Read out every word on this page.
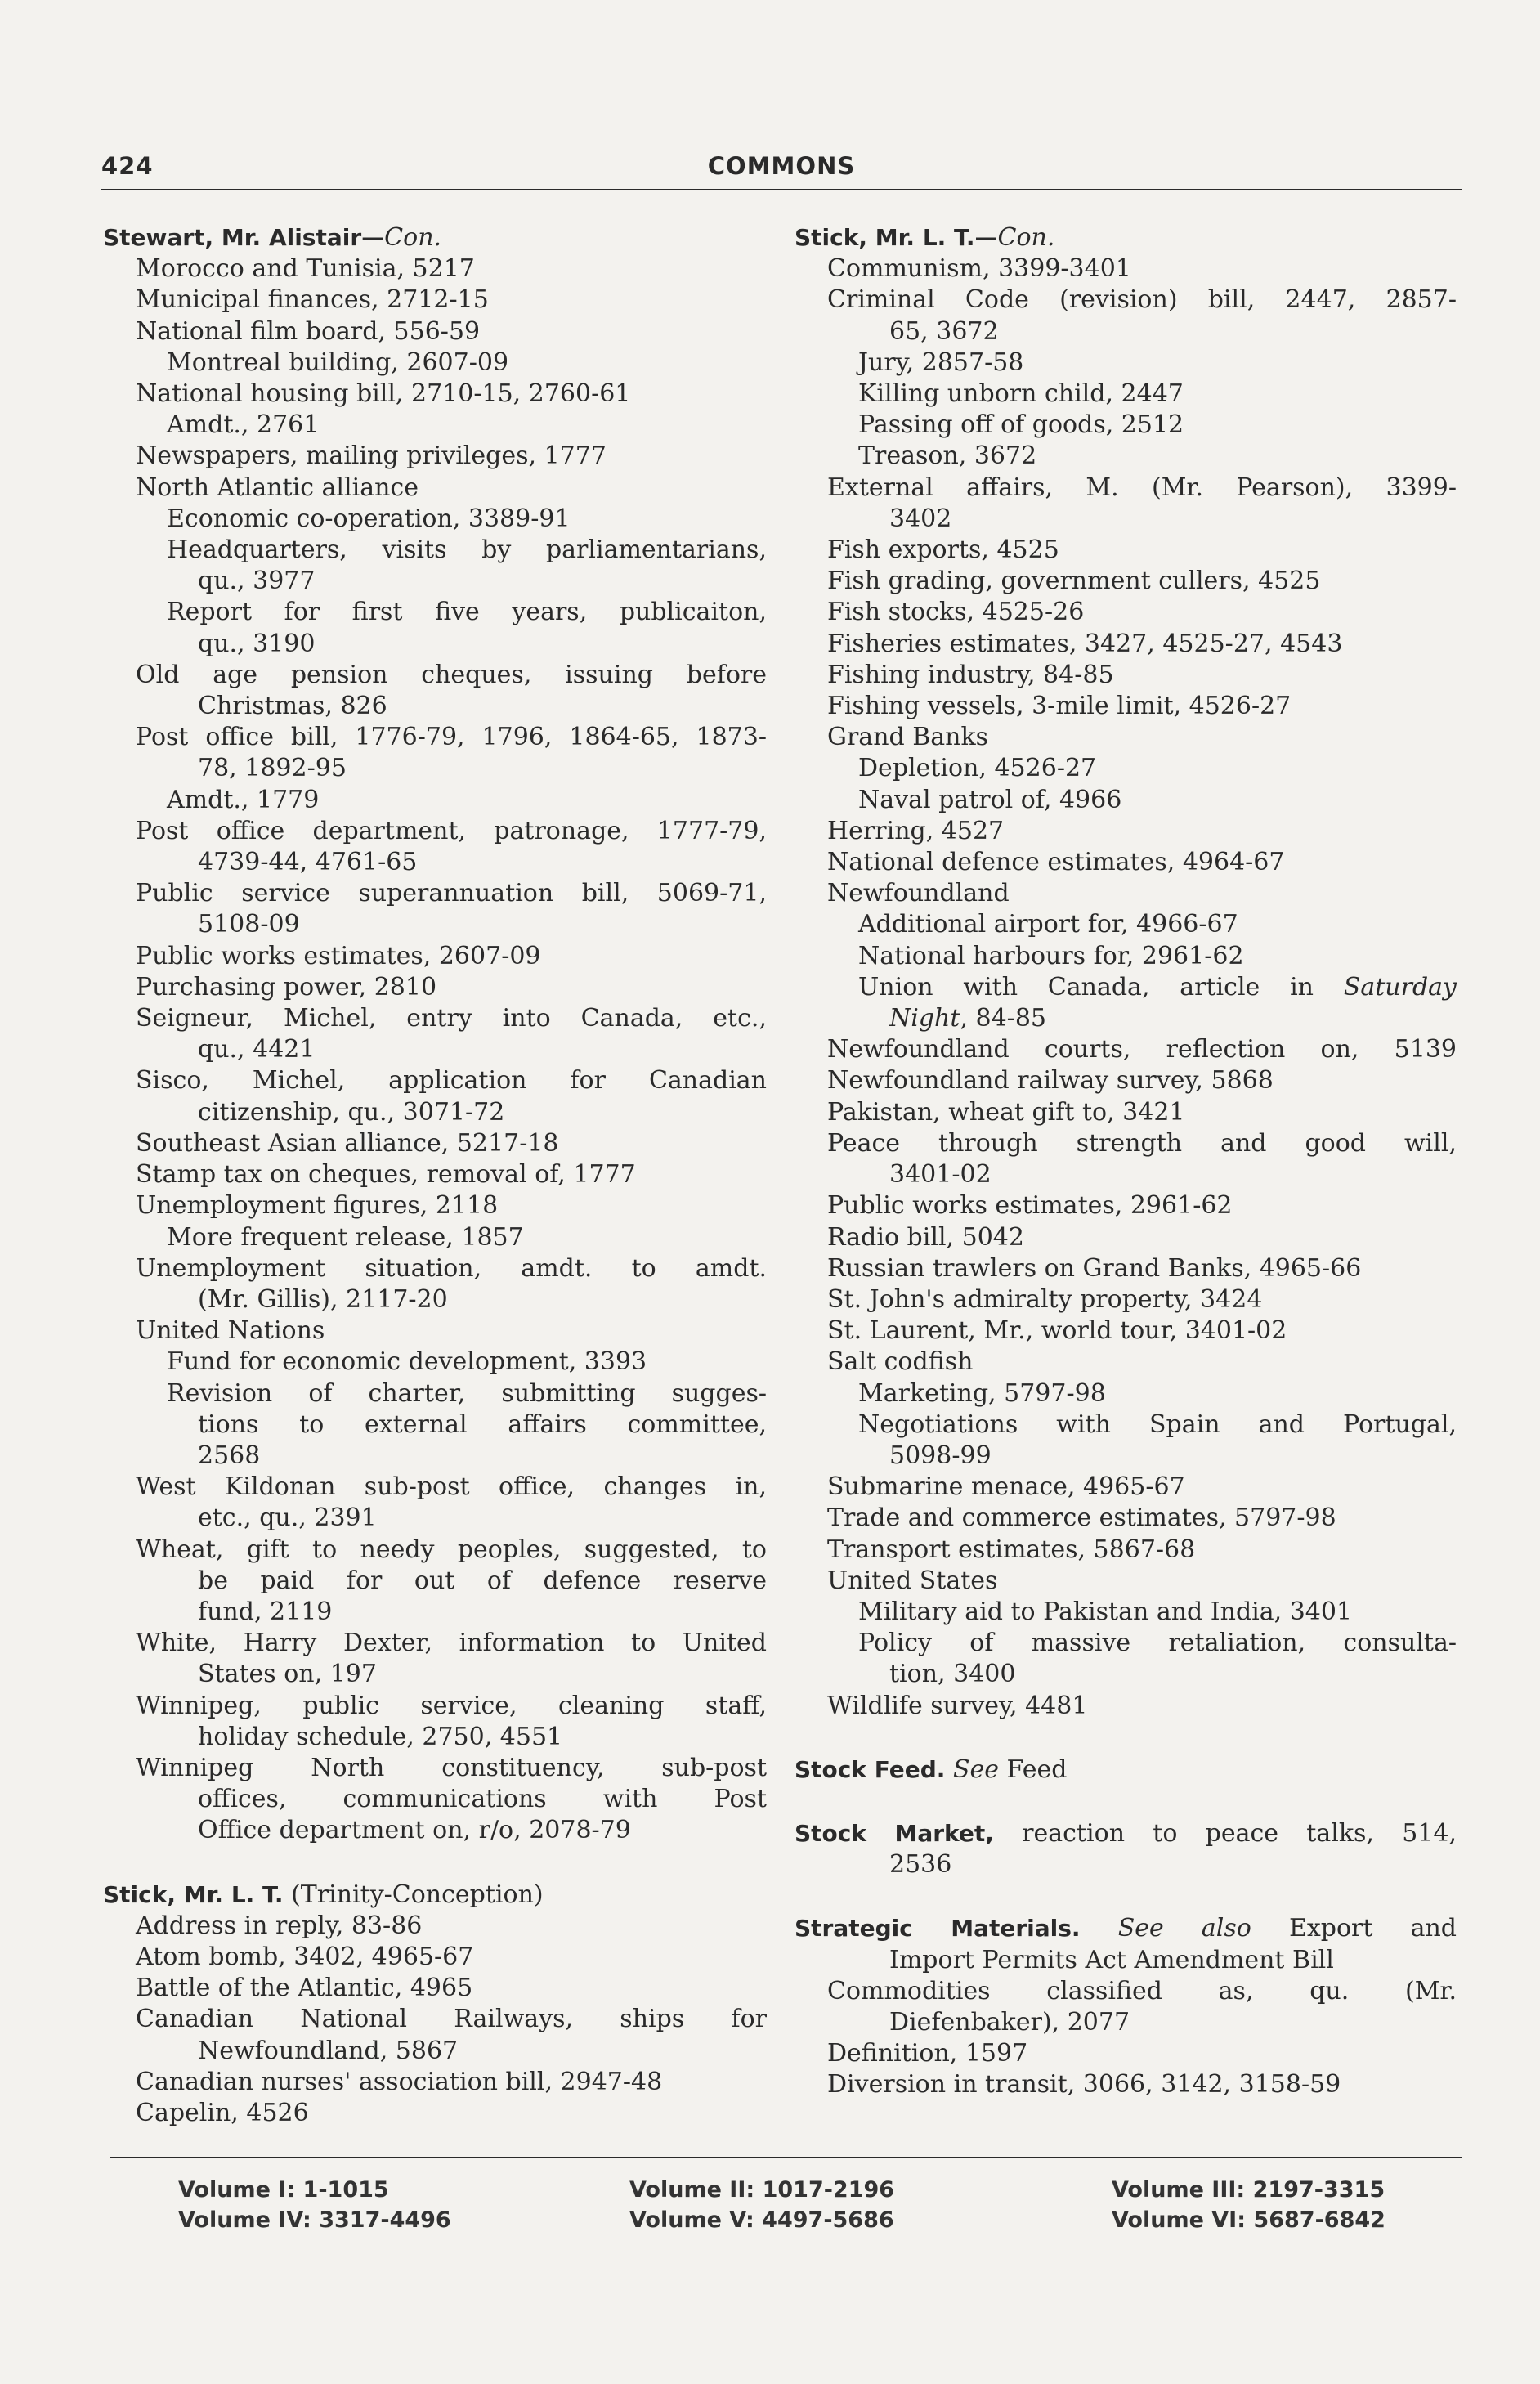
424	COMMONS
Stewart, Mr. Alistair—Con.
Morocco and Tunisia, 5217
Municipal finances, 2712-15
National film board, 556-59
Montreal building, 2607-09
National housing bill, 2710-15, 2760-61
Amdt., 2761
Newspapers, mailing privileges, 1777
North Atlantic alliance
Economic co-operation, 3389-91
Headquarters, visits by parliamentarians,
qu., 3977
Report for first five years, publicaiton,
qu., 3190
Old age pension cheques, issuing before
Christmas, 826
Post office bill, 1776-79, 1796, 1864-65, 1873-
78, 1892-95
Amdt., 1779
Post office department, patronage, 1777-79,
4739-44, 4761-65
Public service superannuation bill, 5069-71,
5108-09
Public works estimates, 2607-09
Purchasing power, 2810
Seigneur, Michel, entry into Canada, etc.,
qu., 4421
Sisco, Michel, application for Canadian
citizenship, qu., 3071-72
Southeast Asian alliance, 5217-18
Stamp tax on cheques, removal of, 1777
Unemployment figures, 2118
More frequent release, 1857
Unemployment situation, amdt. to amdt.
(Mr. Gillis), 2117-20
United Nations
Fund for economic development, 3393
Revision of charter, submitting sugges-
tions to external affairs committee,
2568
West Kildonan sub-post office, changes in,
etc., qu., 2391
Wheat, gift to needy peoples, suggested, to
be paid for out of defence reserve
fund, 2119
White, Harry Dexter, information to United
States on, 197
Winnipeg, public service, cleaning staff,
holiday schedule, 2750, 4551
Winnipeg North constituency, sub-post
offices, communications with Post
Office department on, r/o, 2078-79
Stick, Mr. L. T. (Trinity-Conception)
Address in reply, 83-86
Atom bomb, 3402, 4965-67
Battle of the Atlantic, 4965
Canadian National Railways, ships for
Newfoundland, 5867
Canadian nurses' association bill, 2947-48
Capelin, 4526
Stick, Mr. L. T.—Con.
Communism, 3399-3401
Criminal Code (revision) bill, 2447, 2857-
65, 3672
Jury, 2857-58
Killing unborn child, 2447
Passing off of goods, 2512
Treason, 3672
External affairs, M. (Mr. Pearson), 3399-
3402
Fish exports, 4525
Fish grading, government cullers, 4525
Fish stocks, 4525-26
Fisheries estimates, 3427, 4525-27, 4543
Fishing industry, 84-85
Fishing vessels, 3-mile limit, 4526-27
Grand Banks
Depletion, 4526-27
Naval patrol of, 4966
Herring, 4527
National defence estimates, 4964-67
Newfoundland
Additional airport for, 4966-67
National harbours for, 2961-62
Union with Canada, article in Saturday
Night, 84-85
Newfoundland courts, reflection on, 5139
Newfoundland railway survey, 5868
Pakistan, wheat gift to, 3421
Peace through strength and good will,
3401-02
Public works estimates, 2961-62
Radio bill, 5042
Russian trawlers on Grand Banks, 4965-66
St. John's admiralty property, 3424
St. Laurent, Mr., world tour, 3401-02
Salt codfish
Marketing, 5797-98
Negotiations with Spain and Portugal,
5098-99
Submarine menace, 4965-67
Trade and commerce estimates, 5797-98
Transport estimates, 5867-68
United States
Military aid to Pakistan and India, 3401
Policy of massive retaliation, consulta-
tion, 3400
Wildlife survey, 4481
Stock Feed. See Feed
Stock Market, reaction to peace talks, 514,
2536
Strategic Materials. See also Export and
Import Permits Act Amendment Bill
Commodities classified as, qu. (Mr.
Diefenbaker), 2077
Definition, 1597
Diversion in transit, 3066, 3142, 3158-59
Volume I: 1-1015
Volume IV: 3317-4496
Volume II: 1017-2196
Volume V: 4497-5686
Volume III: 2197-3315
Volume VI: 5687-6842
